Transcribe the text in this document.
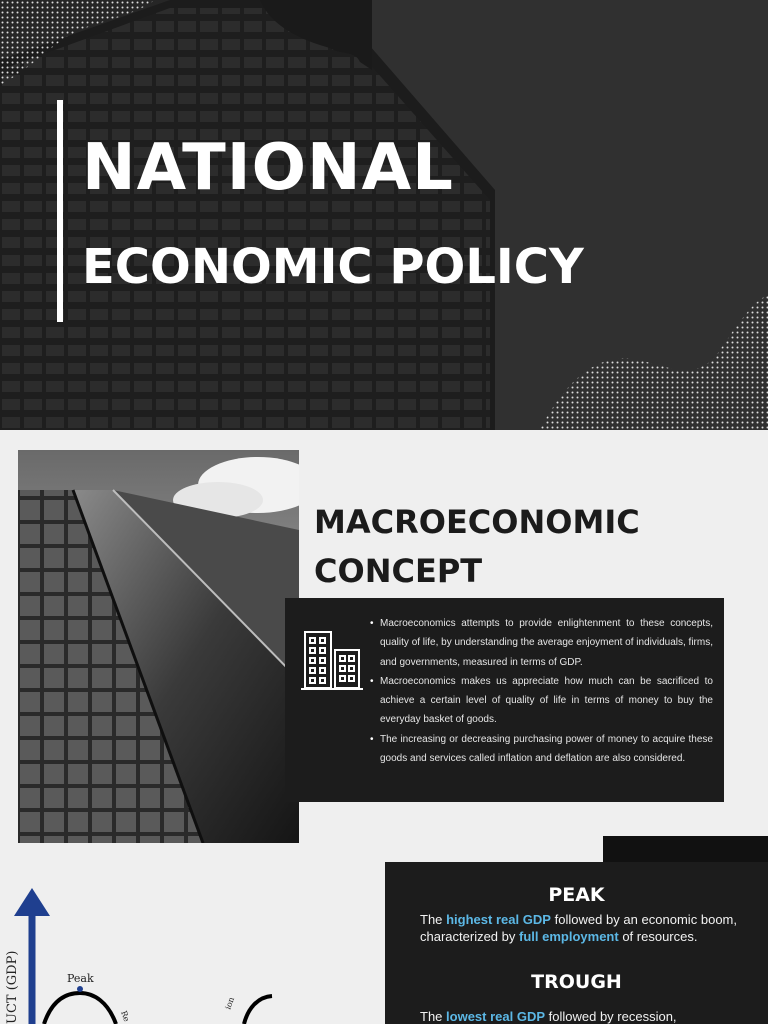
NATIONAL
ECONOMIC POLICY
MACROECONOMIC
CONCEPT
• Macroeconomics attempts to provide enlightenment to these concepts, quality of life, by understanding the average enjoyment of individuals, firms, and governments, measured in terms of GDP.
• Macroeconomics makes us appreciate how much can be sacrificed to achieve a certain level of quality of life in terms of money to buy the everyday basket of goods.
• The increasing or decreasing purchasing power of money to acquire these goods and services called inflation and deflation are also considered.
UCT (GDP)	Peak
Re
ion
PEAK

The highest real GDP followed by an economic boom, characterized by full employment of resources.

TROUGH

The lowest real GDP followed by recession,
